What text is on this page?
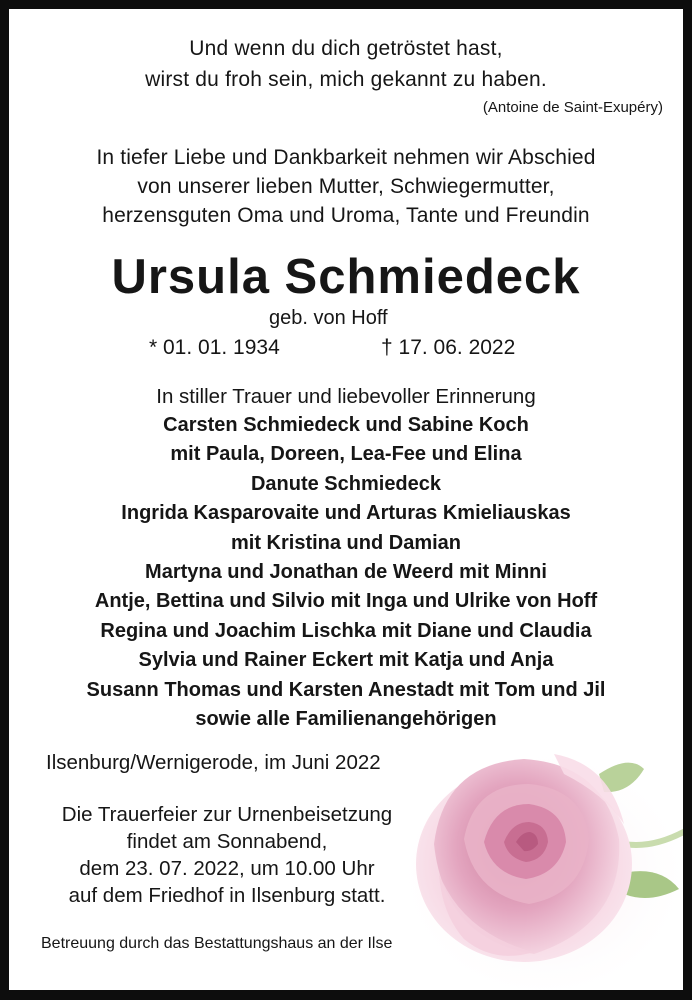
Und wenn du dich getröstet hast,
wirst du froh sein, mich gekannt zu haben.
(Antoine de Saint-Exupéry)
In tiefer Liebe und Dankbarkeit nehmen wir Abschied
von unserer lieben Mutter, Schwiegermutter,
herzensguten Oma und Uroma, Tante und Freundin
Ursula Schmiedeck
geb. von Hoff
* 01. 01. 1934	† 17. 06. 2022
In stiller Trauer und liebevoller Erinnerung
Carsten Schmiedeck und Sabine Koch
mit Paula, Doreen, Lea-Fee und Elina
Danute Schmiedeck
Ingrida Kasparovaite und Arturas Kmieliauskas
mit Kristina und Damian
Martyna und Jonathan de Weerd mit Minni
Antje, Bettina und Silvio mit Inga und Ulrike von Hoff
Regina und Joachim Lischka mit Diane und Claudia
Sylvia und Rainer Eckert mit Katja und Anja
Susann Thomas und Karsten Anestadt mit Tom und Jil
sowie alle Familienangehörigen
Ilsenburg/Wernigerode, im Juni 2022
Die Trauerfeier zur Urnenbeisetzung
findet am Sonnabend,
dem 23. 07. 2022, um 10.00 Uhr
auf dem Friedhof in Ilsenburg statt.
Betreuung durch das Bestattungshaus an der Ilse
